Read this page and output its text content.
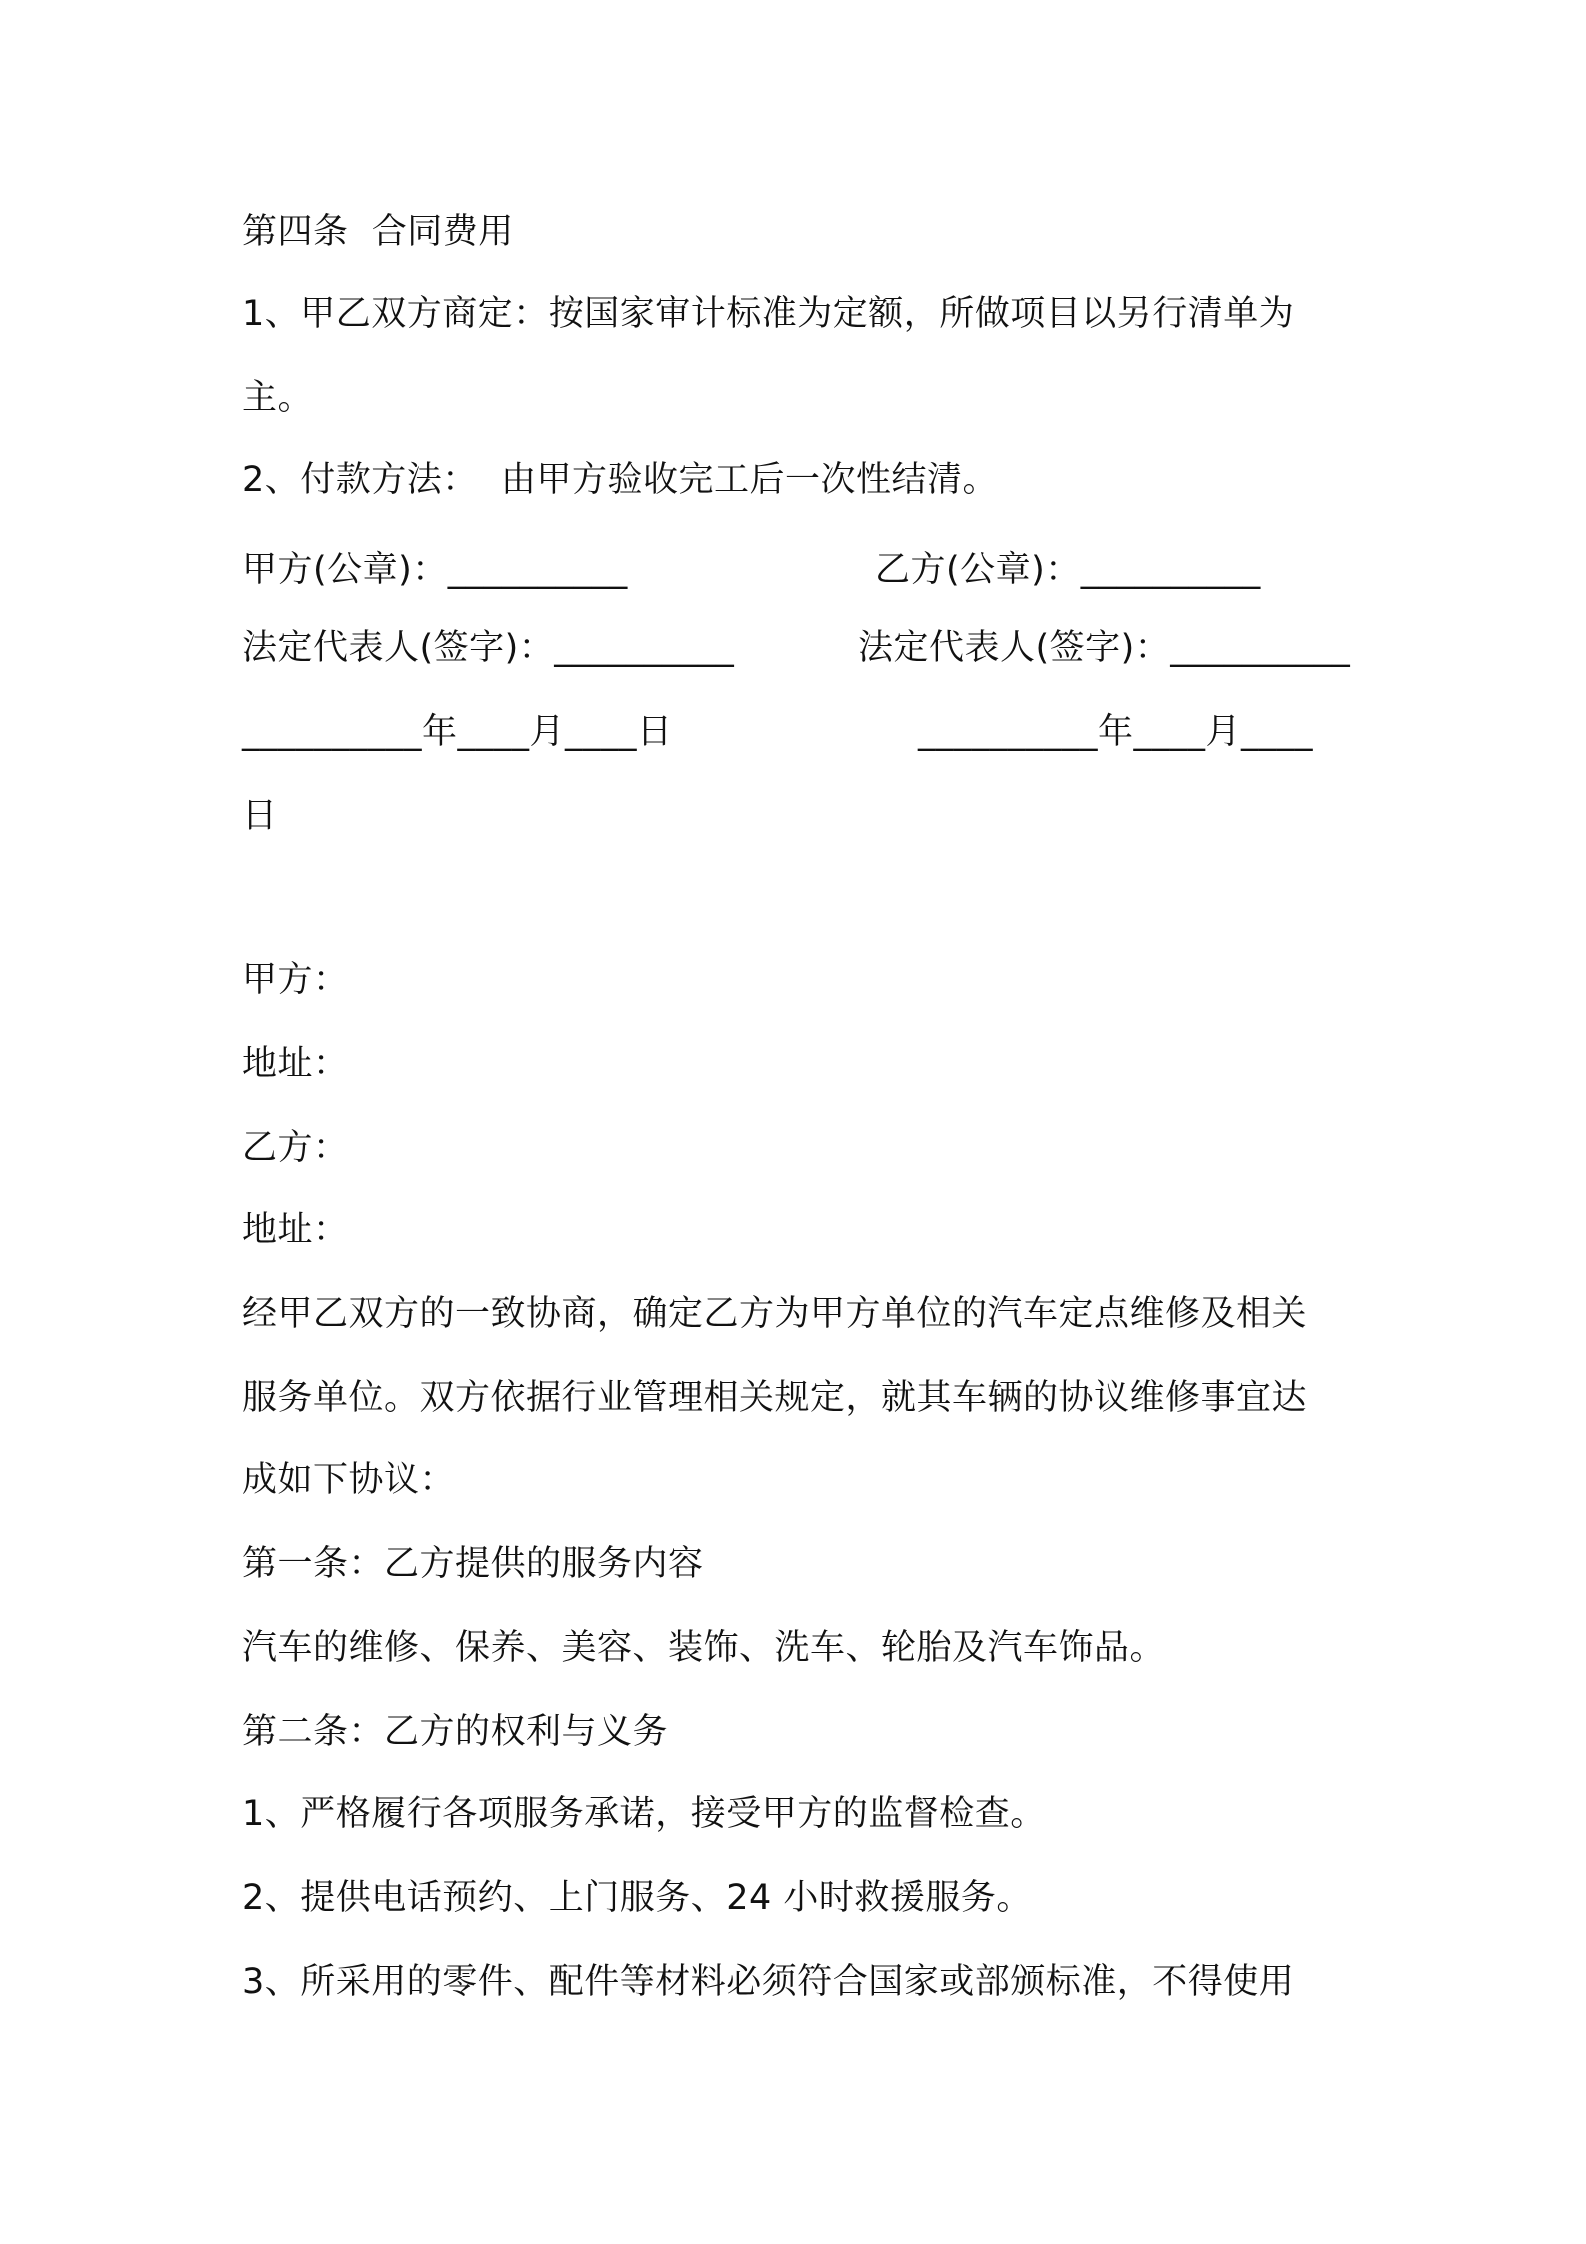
第四条  合同费用
1、甲乙双方商定：按国家审计标准为定额，所做项目以另行清单为
主。
2、付款方法：  由甲方验收完工后一次性结清。
甲方(公章)：__________	乙方(公章)：__________
法定代表人(签字)：__________	法定代表人(签字)：__________
__________年____月____日	__________年____月____
日
甲方：
地址：
乙方：
地址：
经甲乙双方的一致协商，确定乙方为甲方单位的汽车定点维修及相关
服务单位。双方依据行业管理相关规定，就其车辆的协议维修事宜达
成如下协议：
第一条：乙方提供的服务内容
汽车的维修、保养、美容、装饰、洗车、轮胎及汽车饰品。
第二条：乙方的权利与义务
1、严格履行各项服务承诺，接受甲方的监督检查。
2、提供电话预约、上门服务、24 小时救援服务。
3、所采用的零件、配件等材料必须符合国家或部颁标准，不得使用
